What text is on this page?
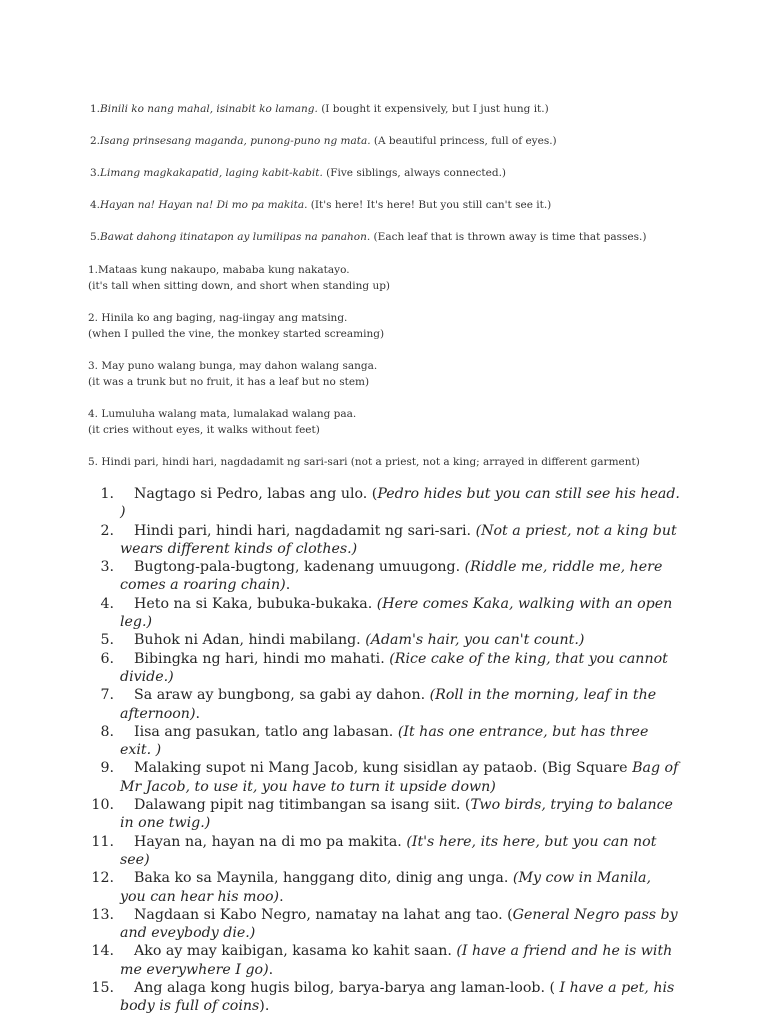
1.Binili ko nang mahal, isinabit ko lamang. (I bought it expensively, but I just hung it.)
2.Isang prinsesang maganda, punong-puno ng mata. (A beautiful princess, full of eyes.)
3.Limang magkakapatid, laging kabit-kabit. (Five siblings, always connected.)
4.Hayan na! Hayan na! Di mo pa makita. (It's here! It's here! But you still can't see it.)
5.Bawat dahong itinatapon ay lumilipas na panahon. (Each leaf that is thrown away is time that passes.)
1.Mataas kung nakaupo, mababa kung nakatayo.
(it's tall when sitting down, and short when standing up)
2. Hinila ko ang baging, nag-iingay ang matsing.
(when I pulled the vine, the monkey started screaming)
3. May puno walang bunga, may dahon walang sanga.
(it was a trunk but no fruit, it has a leaf but no stem)
4. Lumuluha walang mata, lumalakad walang paa.
(it cries without eyes, it walks without feet)
5. Hindi pari, hindi hari, nagdadamit ng sari-sari (not a priest, not a king; arrayed in different garment)
1.	Nagtago si Pedro, labas ang ulo. (Pedro hides but you can still see his head. )
2.	Hindi pari, hindi hari, nagdadamit ng sari-sari. (Not a priest, not a king but wears different kinds of clothes.)
3.	Bugtong-pala-bugtong, kadenang umuugong. (Riddle me, riddle me, here comes a roaring chain).
4.	Heto na si Kaka, bubuka-bukaka. (Here comes Kaka, walking with an open leg.)
5.	Buhok ni Adan, hindi mabilang. (Adam's hair, you can't count.)
6.	Bibingka ng hari, hindi mo mahati. (Rice cake of the king, that you cannot divide.)
7.	Sa araw ay bungbong, sa gabi ay dahon. (Roll in the morning, leaf in the afternoon).
8.	Iisa ang pasukan, tatlo ang labasan. (It has one entrance, but has three exit. )
9.	Malaking supot ni Mang Jacob, kung sisidlan ay pataob. (Big Square Bag of Mr Jacob, to use it, you have to turn it upside down)
10.	Dalawang pipit nag titimbangan sa isang siit. (Two birds, trying to balance in one twig.)
11.	Hayan na, hayan na di mo pa makita. (It's here, its here, but you can not see)
12.	Baka ko sa Maynila, hanggang dito, dinig ang unga. (My cow in Manila, you can hear his moo).
13.	Nagdaan si Kabo Negro, namatay na lahat ang tao. (General Negro pass by and eveybody die.)
14.	Ako ay may kaibigan, kasama ko kahit saan. (I have a friend and he is with me everywhere I go).
15.	Ang alaga kong hugis bilog, barya-barya ang laman-loob. ( I have a pet, his body is full of coins).
